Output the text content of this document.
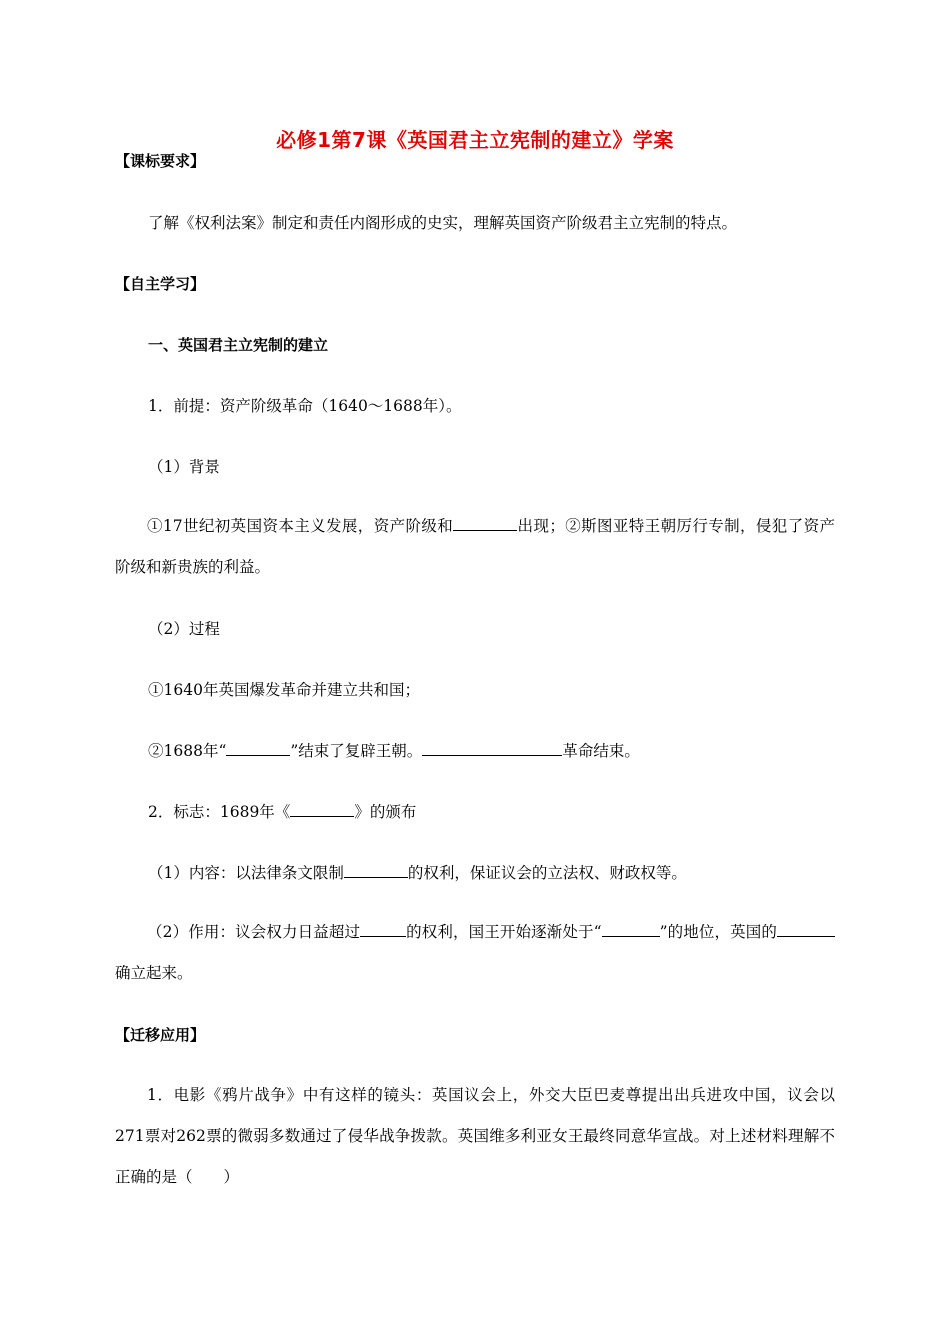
必修1第7课《英国君主立宪制的建立》学案
【课标要求】
了解《权利法案》制定和责任内阁形成的史实，理解英国资产阶级君主立宪制的特点。
【自主学习】
一、英国君主立宪制的建立
1．前提：资产阶级革命（1640～1688年）。
（1）背景
①17世纪初英国资本主义发展，资产阶级和	出现；②斯图亚特王朝厉行专制，侵犯了资产阶级和新贵族的利益。
（2）过程
①1640年英国爆发革命并建立共和国；
②1688年“	”结束了复辟王朝。	革命结束。
2．标志：1689年《	》的颁布
（1）内容：以法律条文限制	的权利，保证议会的立法权、财政权等。
（2）作用：议会权力日益超过	的权利，国王开始逐渐处于“	”的地位，英国的确立起来。
【迁移应用】
1．电影《鸦片战争》中有这样的镜头：英国议会上，外交大臣巴麦尊提出出兵进攻中国，议会以271票对262票的微弱多数通过了侵华战争拨款。英国维多利亚女王最终同意华宣战。对上述材料理解不正确的是（　　）
